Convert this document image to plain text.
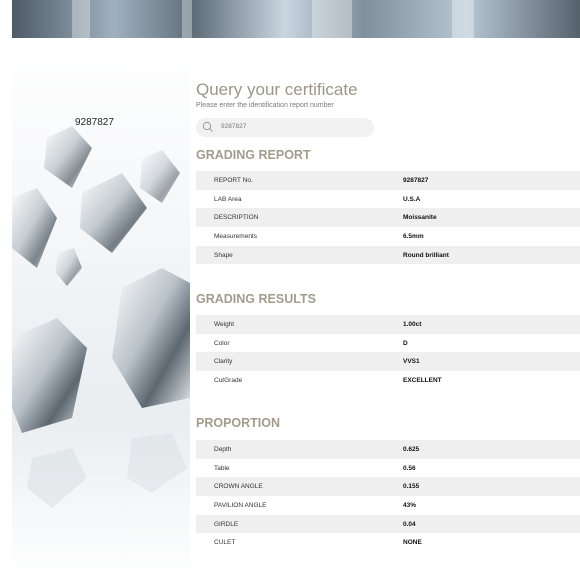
9287827
Query your certificate
Please enter the identification report number
9287827
GRADING REPORT
REPORT No.	9287827
LAB Area	U.S.A
DESCRIPTION	Moissanite
Measurements	6.5mm
Shape	Round brilliant
GRADING RESULTS
Weight	1.00ct
Color	D
Clarity	VVS1
CutGrade	EXCELLENT
PROPORTION
Depth	0.625
Table	0.56
CROWN ANGLE	0.155
PAVILION ANGLE	43%
GIRDLE	0.04
CULET	NONE
